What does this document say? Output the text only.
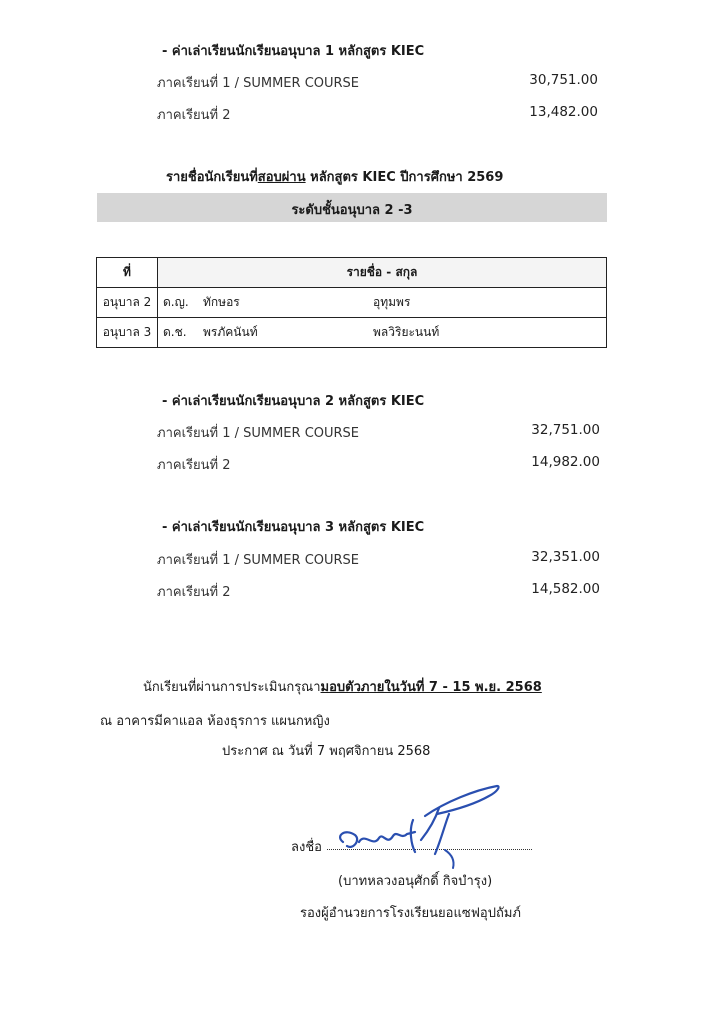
- ค่าเล่าเรียนนักเรียนอนุบาล 1 หลักสูตร KIEC
ภาคเรียนที่ 1 / SUMMER COURSE	30,751.00
ภาคเรียนที่ 2	13,482.00
รายชื่อนักเรียนที่สอบผ่าน หลักสูตร KIEC ปีการศึกษา 2569
ระดับชั้นอนุบาล 2 -3
ที่	รายชื่อ - สกุล		
อนุบาล 2	ด.ญ.	ทักษอร	อุทุมพร
อนุบาล 3	ด.ช.	พรภัคนันท์	พลวิริยะนนท์
- ค่าเล่าเรียนนักเรียนอนุบาล 2 หลักสูตร KIEC
ภาคเรียนที่ 1 / SUMMER COURSE	32,751.00
ภาคเรียนที่ 2	14,982.00
- ค่าเล่าเรียนนักเรียนอนุบาล 3 หลักสูตร KIEC
ภาคเรียนที่ 1 / SUMMER COURSE	32,351.00
ภาคเรียนที่ 2	14,582.00
นักเรียนที่ผ่านการประเมินกรุณามอบตัวภายในวันที่ 7 - 15 พ.ย. 2568
ณ อาคารมีคาแอล ห้องธุรการ แผนกหญิง
ประกาศ ณ วันที่ 7 พฤศจิกายน 2568
ลงชื่อ
(บาทหลวงอนุศักดิ์ กิจบำรุง)
รองผู้อำนวยการโรงเรียนยอแซฟอุปถัมภ์
